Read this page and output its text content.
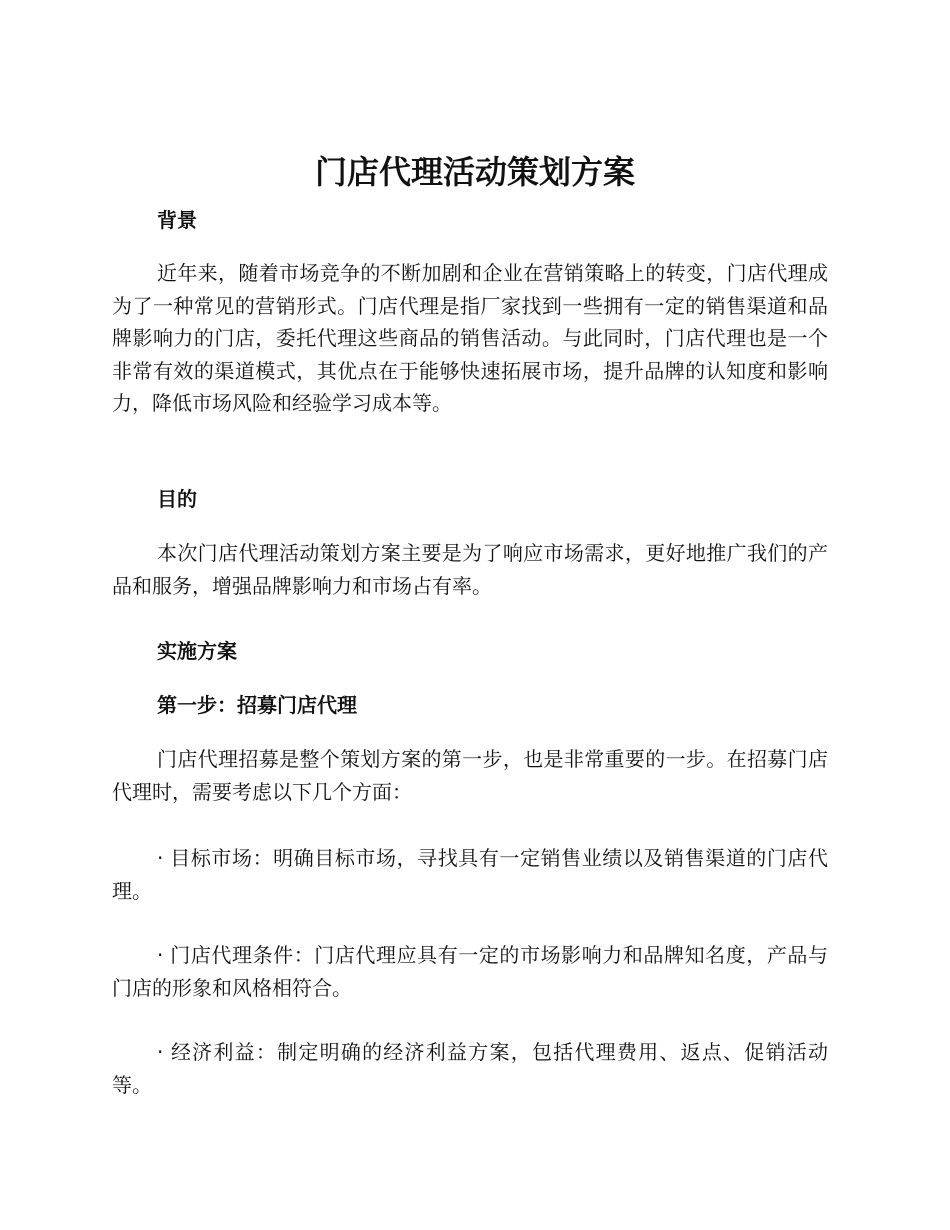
门店代理活动策划方案
背景

近年来，随着市场竞争的不断加剧和企业在营销策略上的转变，门店代理成为了一种常见的营销形式。门店代理是指厂家找到一些拥有一定的销售渠道和品牌影响力的门店，委托代理这些商品的销售活动。与此同时，门店代理也是一个非常有效的渠道模式，其优点在于能够快速拓展市场，提升品牌的认知度和影响力，降低市场风险和经验学习成本等。

目的

本次门店代理活动策划方案主要是为了响应市场需求，更好地推广我们的产品和服务，增强品牌影响力和市场占有率。

实施方案
第一步：招募门店代理

门店代理招募是整个策划方案的第一步，也是非常重要的一步。在招募门店代理时，需要考虑以下几个方面：

· 目标市场：明确目标市场，寻找具有一定销售业绩以及销售渠道的门店代理。

· 门店代理条件：门店代理应具有一定的市场影响力和品牌知名度，产品与门店的形象和风格相符合。

· 经济利益：制定明确的经济利益方案，包括代理费用、返点、促销活动等。
